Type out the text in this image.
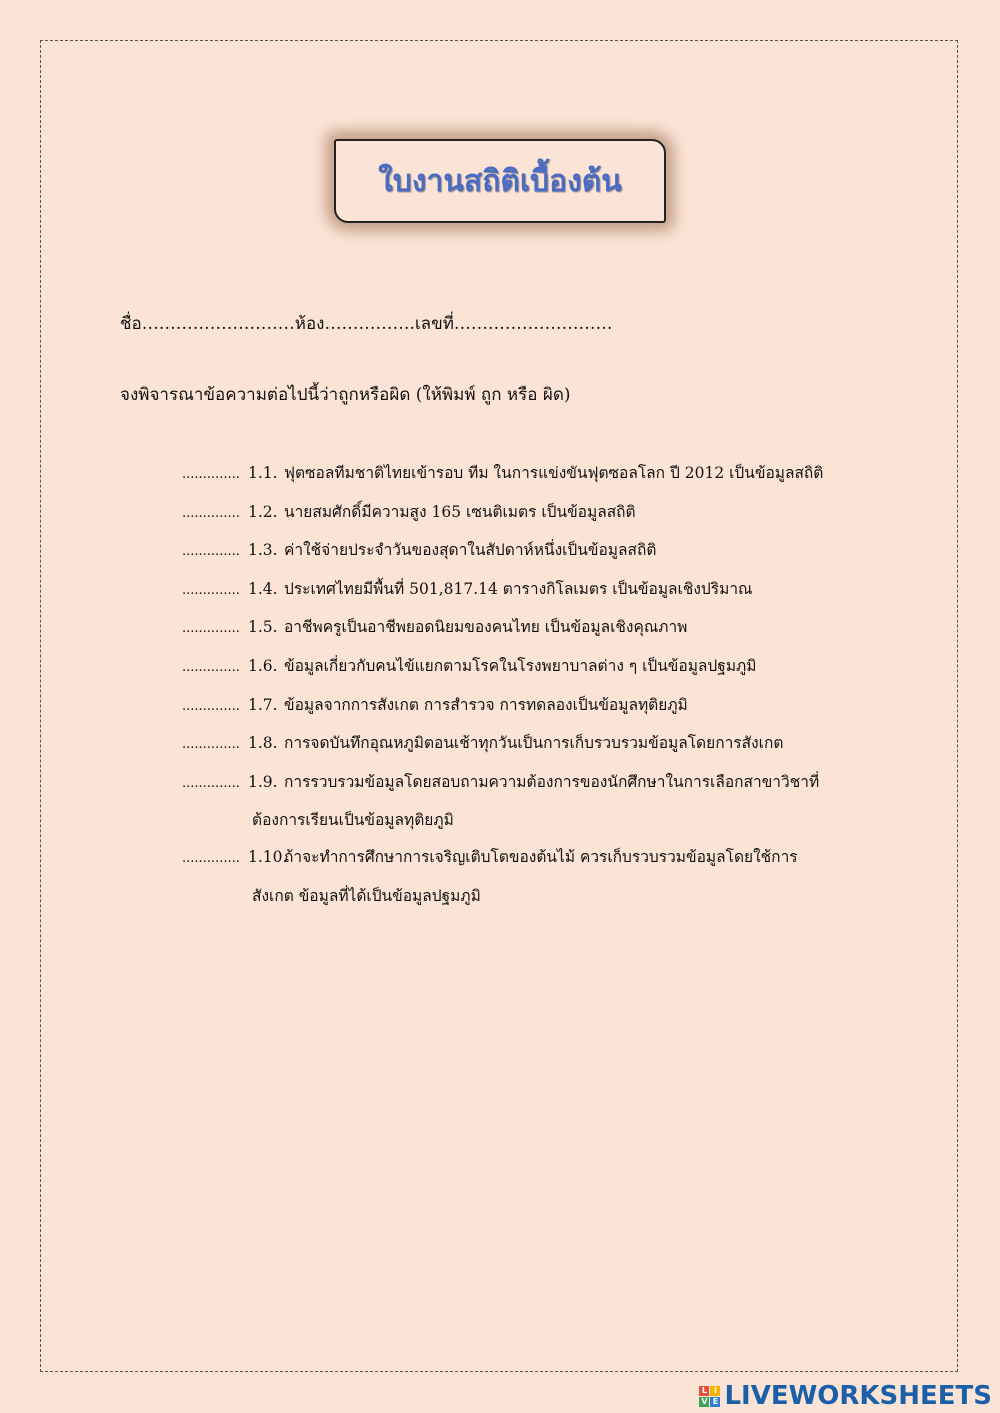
ใบงานสถิติเบื้องต้น
ชื่อ………………………ห้อง…………….เลขที่……………………….
จงพิจารณาข้อความต่อไปนี้ว่าถูกหรือผิด (ให้พิมพ์ ถูก หรือ ผิด)
.............. 1.1. ฟุตซอลทีมชาติไทยเข้ารอบ ทีม ในการแข่งขันฟุตซอลโลก ปี 2012 เป็นข้อมูลสถิติ
.............. 1.2. นายสมศักดิ์มีความสูง 165 เซนติเมตร เป็นข้อมูลสถิติ
.............. 1.3. ค่าใช้จ่ายประจำวันของสุดาในสัปดาห์หนึ่งเป็นข้อมูลสถิติ
.............. 1.4. ประเทศไทยมีพื้นที่ 501,817.14 ตารางกิโลเมตร เป็นข้อมูลเชิงปริมาณ
.............. 1.5. อาชีพครูเป็นอาชีพยอดนิยมของคนไทย เป็นข้อมูลเชิงคุณภาพ
.............. 1.6. ข้อมูลเกี่ยวกับคนไข้แยกตามโรคในโรงพยาบาลต่าง ๆ เป็นข้อมูลปฐมภูมิ
.............. 1.7. ข้อมูลจากการสังเกต การสำรวจ การทดลองเป็นข้อมูลทุติยภูมิ
.............. 1.8. การจดบันทึกอุณหภูมิตอนเช้าทุกวันเป็นการเก็บรวบรวมข้อมูลโดยการสังเกต
.............. 1.9. การรวบรวมข้อมูลโดยสอบถามความต้องการของนักศึกษาในการเลือกสาขาวิชาที่
ต้องการเรียนเป็นข้อมูลทุติยภูมิ
.............. 1.10.
ถ้าจะทำการศึกษาการเจริญเติบโตของต้นไม้ ควรเก็บรวบรวมข้อมูลโดยใช้การ
สังเกต ข้อมูลที่ได้เป็นข้อมูลปฐมภูมิ
L I
V E LIVEWORKSHEETS
